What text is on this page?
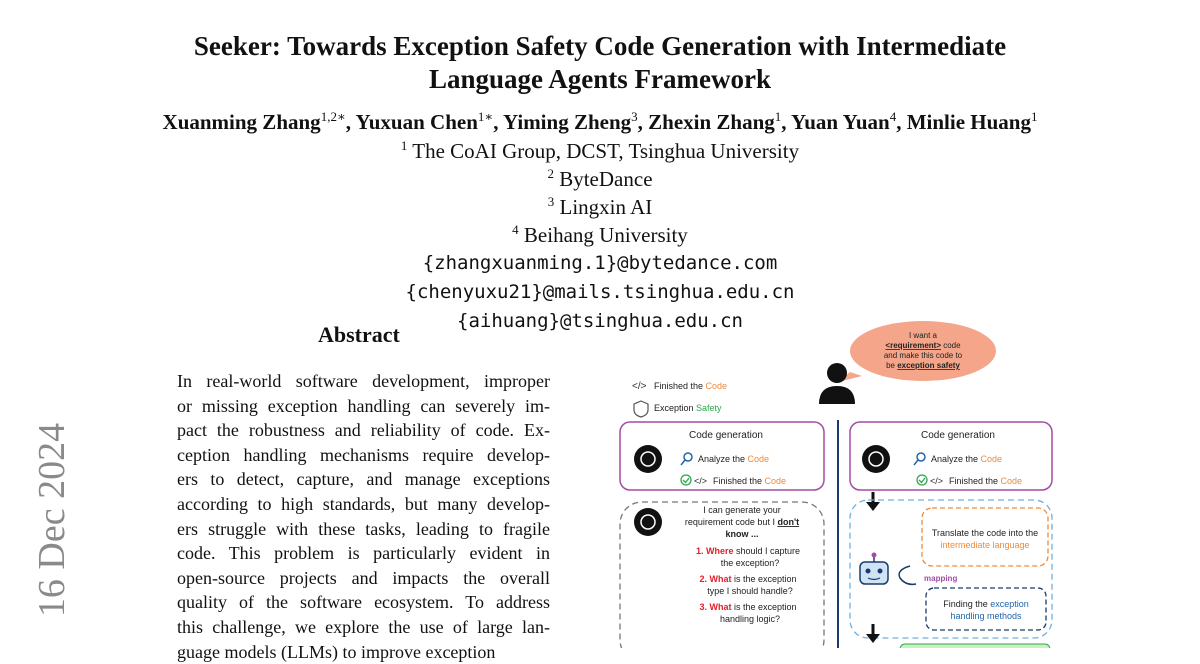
Seeker: Towards Exception Safety Code Generation with Intermediate
Language Agents Framework
Xuanming Zhang$^{1,2∗}$, Yuxuan Chen$^{1∗}$, Yiming Zheng$^3$, Zhexin Zhang$^1$, Yuan Yuan$^4$, Minlie Huang$^1$
$^1$ The CoAI Group, DCST, Tsinghua University
$^2$ ByteDance
$^3$ Lingxin AI
$^4$ Beihang University
{zhangxuanming.1}@bytedance.com
{chenyuxu21}@mails.tsinghua.edu.cn
{aihuang}@tsinghua.edu.cn
Abstract
In real-world software development, improper
or missing exception handling can severely im-
pact the robustness and reliability of code. Ex-
ception handling mechanisms require develop-
ers to detect, capture, and manage exceptions
according to high standards, but many develop-
ers struggle with these tasks, leading to fragile
code. This problem is particularly evident in
open-source projects and impacts the overall
quality of the software ecosystem. To address
this challenge, we explore the use of large lan-
guage models (LLMs) to improve exception
16 Dec 2024
I want a
<requirement> code
and make this code to
be exception safety
</> Finished the Code
Exception Safety
Code generation
Analyze the Code
</> Finished the Code
I can generate your
requirement code but I don't
know ...
1. Where should I capture
the exception?
2. What is the exception
type I should handle?
3. What is the exception
handling logic?
Code generation
Analyze the Code
</> Finished the Code
Translate the code into the
intermediate language
mapping
Finding the exception
handling methods
